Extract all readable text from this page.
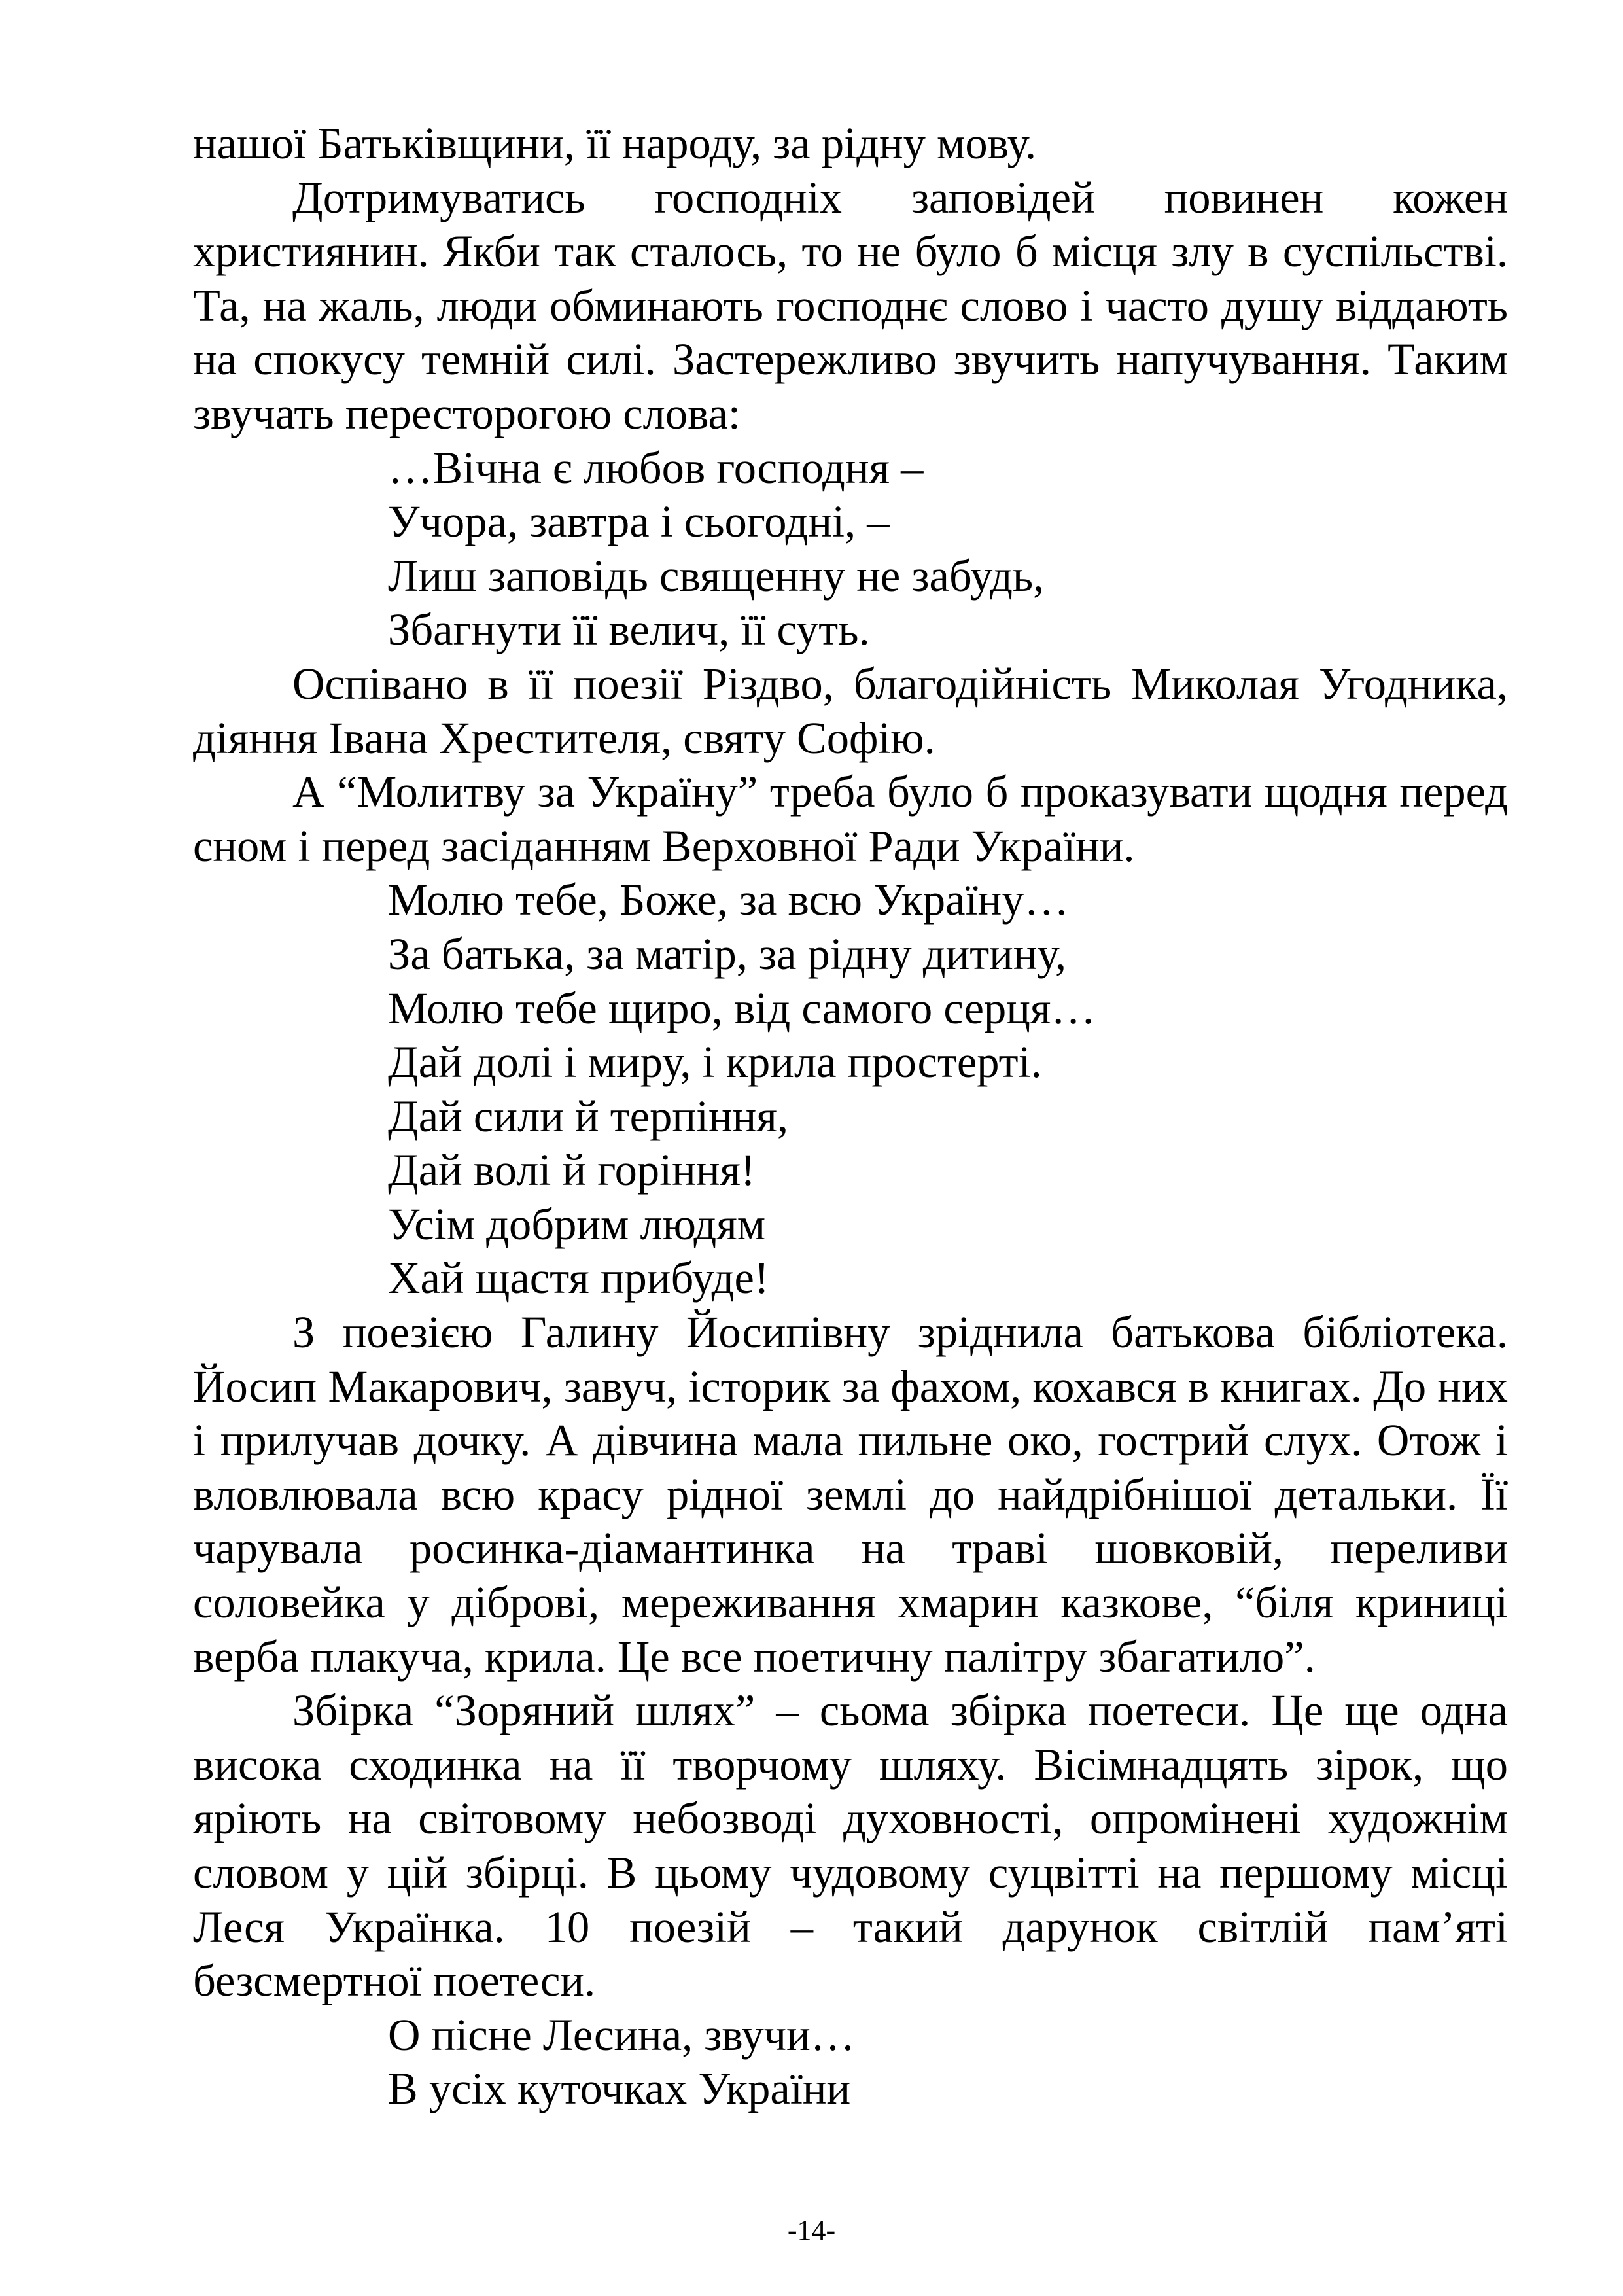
нашої Батьківщини, її народу, за рідну мову.

Дотримуватись господніх заповідей повинен кожен християнин. Якби так сталось, то не було б місця злу в суспільстві. Та, на жаль, люди обминають господнє слово і часто душу віддають на спокусу темній силі. Застережливо звучить напучування. Таким звучать пересторогою слова:

…Вічна є любов господня –
Учора, завтра і сьогодні, –
Лиш заповідь священну не забудь,
Збагнути її велич, її суть.

Оспівано в її поезії Різдво, благодійність Миколая Угодника, діяння Івана Хрестителя, святу Софію.

А “Молитву за Україну” треба було б проказувати щодня перед сном і перед засіданням Верховної Ради України.

Молю тебе, Боже, за всю Україну…
За батька, за матір, за рідну дитину,
Молю тебе щиро, від самого серця…
Дай долі і миру, і крила простерті.
Дай сили й терпіння,
Дай волі й горіння!
Усім добрим людям
Хай щастя прибуде!

З поезією Галину Йосипівну зріднила батькова бібліотека. Йосип Макарович, завуч, історик за фахом, кохався в книгах. До них і прилучав дочку. А дівчина мала пильне око, гострий слух. Отож і вловлювала всю красу рідної землі до найдрібнішої детальки. Її чарувала росинка-діамантинка на траві шовковій, переливи соловейка у діброві, мереживання хмарин казкове, “біля криниці верба плакуча, крила. Це все поетичну палітру збагатило”.

Збірка “Зоряний шлях” – сьома збірка поетеси. Це ще одна висока сходинка на її творчому шляху. Вісімнадцять зірок, що яріють на світовому небозводі духовності, опромінені художнім словом у цій збірці. В цьому чудовому суцвітті на першому місці Леся Українка. 10 поезій – такий дарунок світлій пам’яті безсмертної поетеси.

О пісне Лесина, звучи…
В усіх куточках України
-14-
